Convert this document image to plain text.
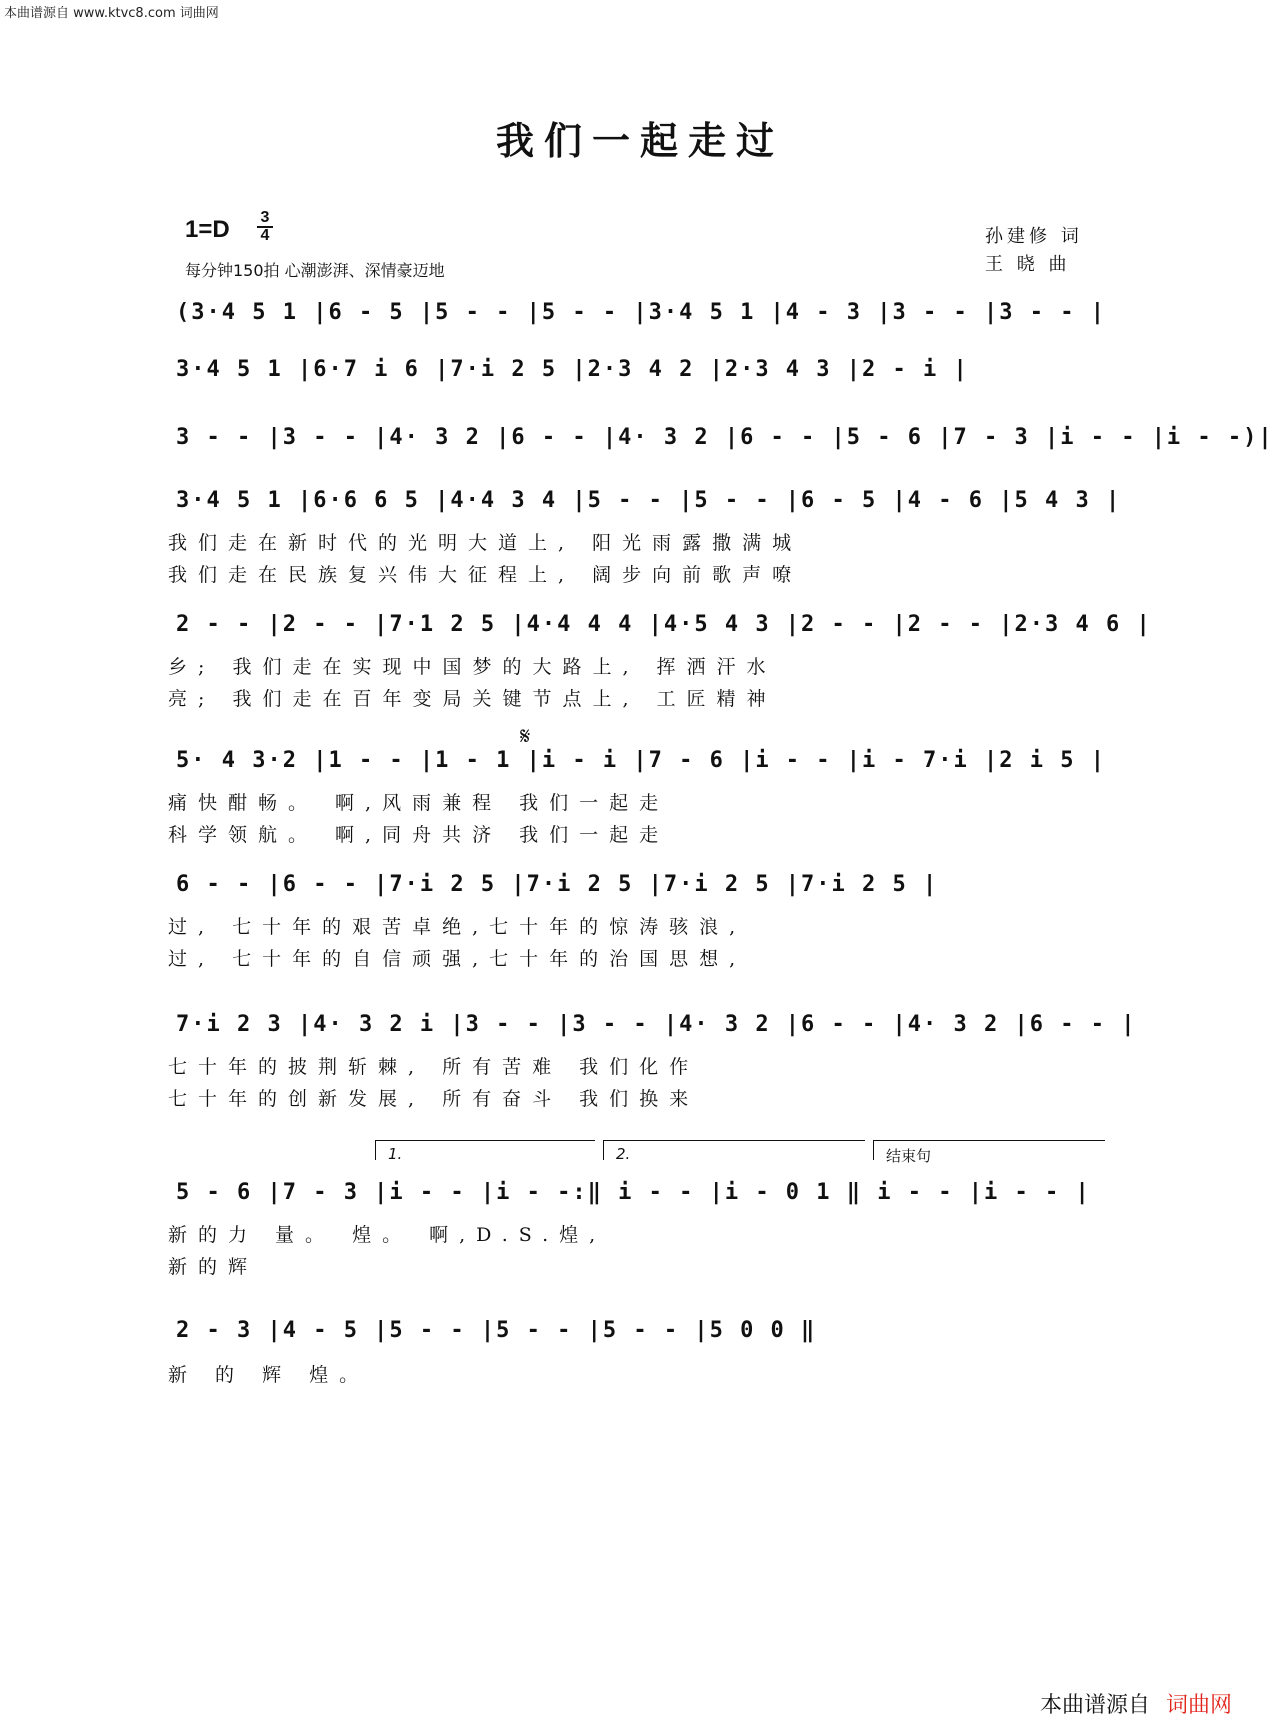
本曲谱源自 www.ktvc8.com 词曲网
我们一起走过
1=D 3
4
每分钟150拍 心潮澎湃、深情豪迈地
孙建修 词
王 晓 曲
(3·4 5 1 |6 - 5 |5 - - |5 - - |3·4 5 1 |4 - 3 |3 - - |3 - - |
3·4 5 1 |6·7 i 6 |7·i 2 5 |2·3 4 2 |2·3 4 3 |2 - i |
3 - - |3 - - |4· 3 2 |6 - - |4· 3 2 |6 - - |5 - 6 |7 - 3 |i - - |i - -)|
3·4 5 1 |6·6 6 5 |4·4 3 4 |5 - - |5 - - |6 - 5 |4 - 6 |5 4 3 |
我们走在新时代的光明大道上, 阳光雨露撒满城
我们走在民族复兴伟大征程上, 阔步向前歌声嘹
2 - - |2 - - |7·1 2 5 |4·4 4 4 |4·5 4 3 |2 - - |2 - - |2·3 4 6 |
乡; 我们走在实现中国梦的大路上, 挥洒汗水
亮; 我们走在百年变局关键节点上, 工匠精神
𝄋
5· 4 3·2 |1 - - |1 - 1 |i - i |7 - 6 |i - - |i - 7·i |2 i 5 |
痛快酣畅。 啊,风雨兼程 我们一起走
科学领航。 啊,同舟共济 我们一起走
6 - - |6 - - |7·i 2 5 |7·i 2 5 |7·i 2 5 |7·i 2 5 |
过, 七十年的艰苦卓绝,七十年的惊涛骇浪,
过, 七十年的自信顽强,七十年的治国思想,
7·i 2 3 |4· 3 2 i |3 - - |3 - - |4· 3 2 |6 - - |4· 3 2 |6 - - |
七十年的披荆斩棘, 所有苦难 我们化作
七十年的创新发展, 所有奋斗 我们换来
1.	2.	结束句
5 - 6 |7 - 3 |i - - |i - -:‖ i - - |i - 0 1 ‖ i - - |i - - |
新的力 量。 煌。 啊,D.S.煌,
新的辉
2 - 3 |4 - 5 |5 - - |5 - - |5 - - |5 0 0 ‖
新 的 辉 煌。
本曲谱源自 词曲网
